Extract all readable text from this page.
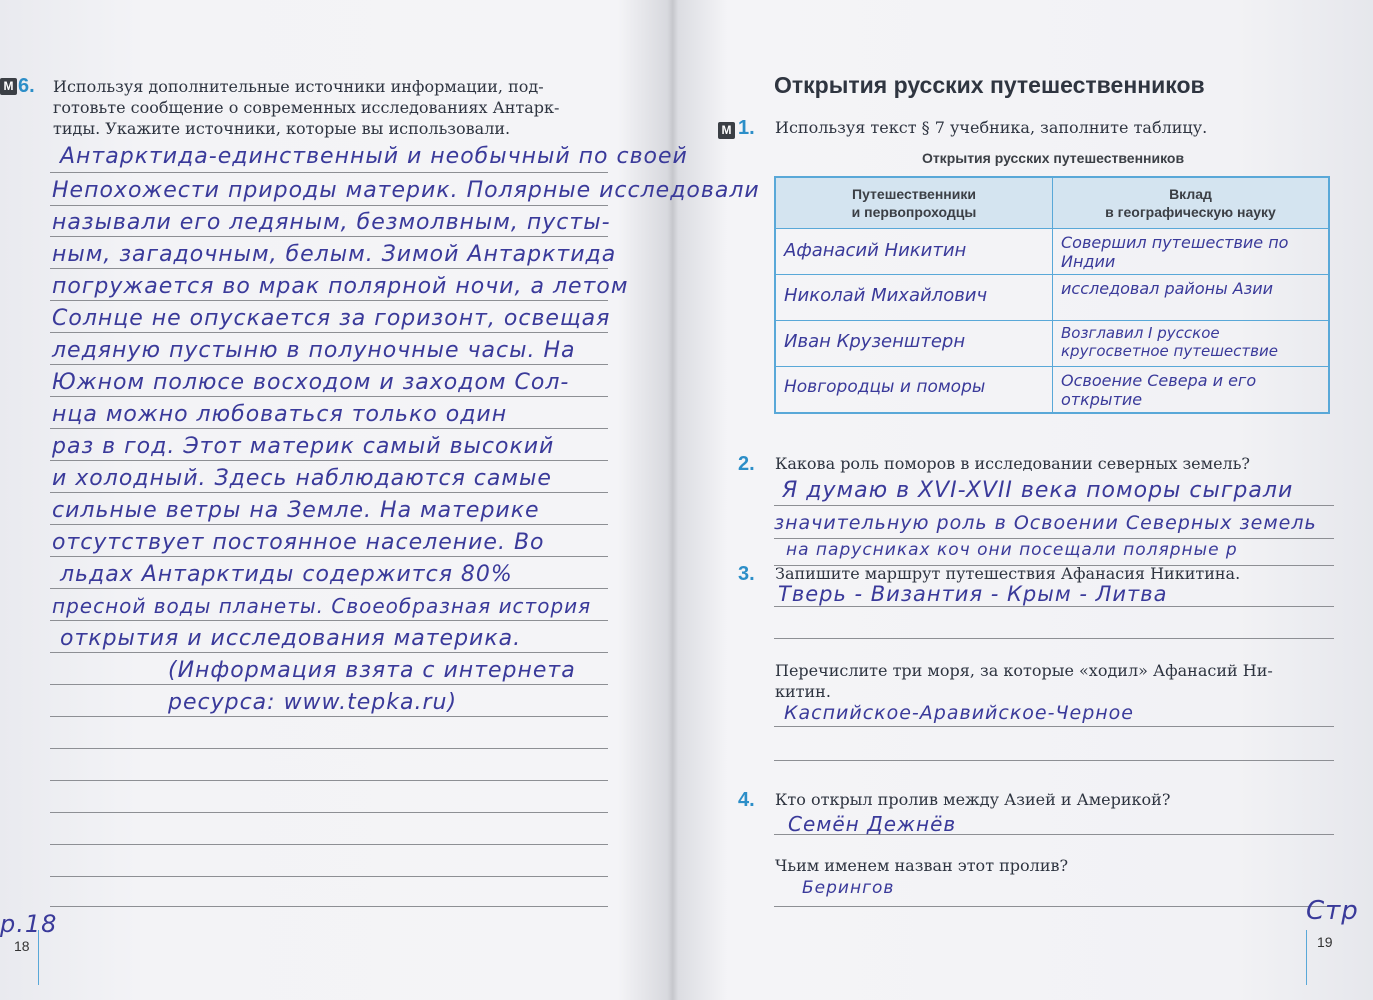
М 6. Используя дополнительные источники информации, под-
готовьте сообщение о современных исследованиях Антарк-
тиды. Укажите источники, которые вы использовали.
Антарктида-единственный и необычный по своей
Непохожести природы материк. Полярные исследовали
называли его ледяным, безмолвным, пусты-
ным, загадочным, белым. Зимой Антарктида
погружается во мрак полярной ночи, а летом
Солнце не опускается за горизонт, освещая
ледяную пустыню в полуночные часы. На
Южном полюсе восходом и заходом Сол-
нца можно любоваться только один
раз в год. Этот материк самый высокий
и холодный. Здесь наблюдаются самые
сильные ветры на Земле. На материке
отсутствует постоянное население. Во
льдах Антарктиды содержится 80%
пресной воды планеты. Своеобразная история
открытия и исследования материка.
(Информация взята с интернета
ресурса: www.tepka.ru)
р.18
18
Открытия русских путешественников
М 1. Используя текст § 7 учебника, заполните таблицу.
Открытия русских путешественников
Путешественники
и первопроходцы	Вклад
в географическую науку

Афанасий Никитин	Совершил путешествие по Индии

Николай Михайлович	исследовал районы Азии

Иван Крузенштерн	Возглавил I русское кругосветное путешествие

Новгородцы и поморы	Освоение Севера и его открытие
2. Какова роль поморов в исследовании северных земель?
Я думаю в XVI-XVII века поморы сыграли
значительную роль в Освоении Северных земель
на парусниках коч они посещали полярные р
3. Запишите маршрут путешествия Афанасия Никитина.
Тверь - Византия - Крым - Литва
Перечислите три моря, за которые «ходил» Афанасий Ни-
китин.
Каспийское-Аравийское-Черное
4. Кто открыл пролив между Азией и Америкой?
Семён Дежнёв
Чьим именем назван этот пролив?
Берингов
19
Стр
